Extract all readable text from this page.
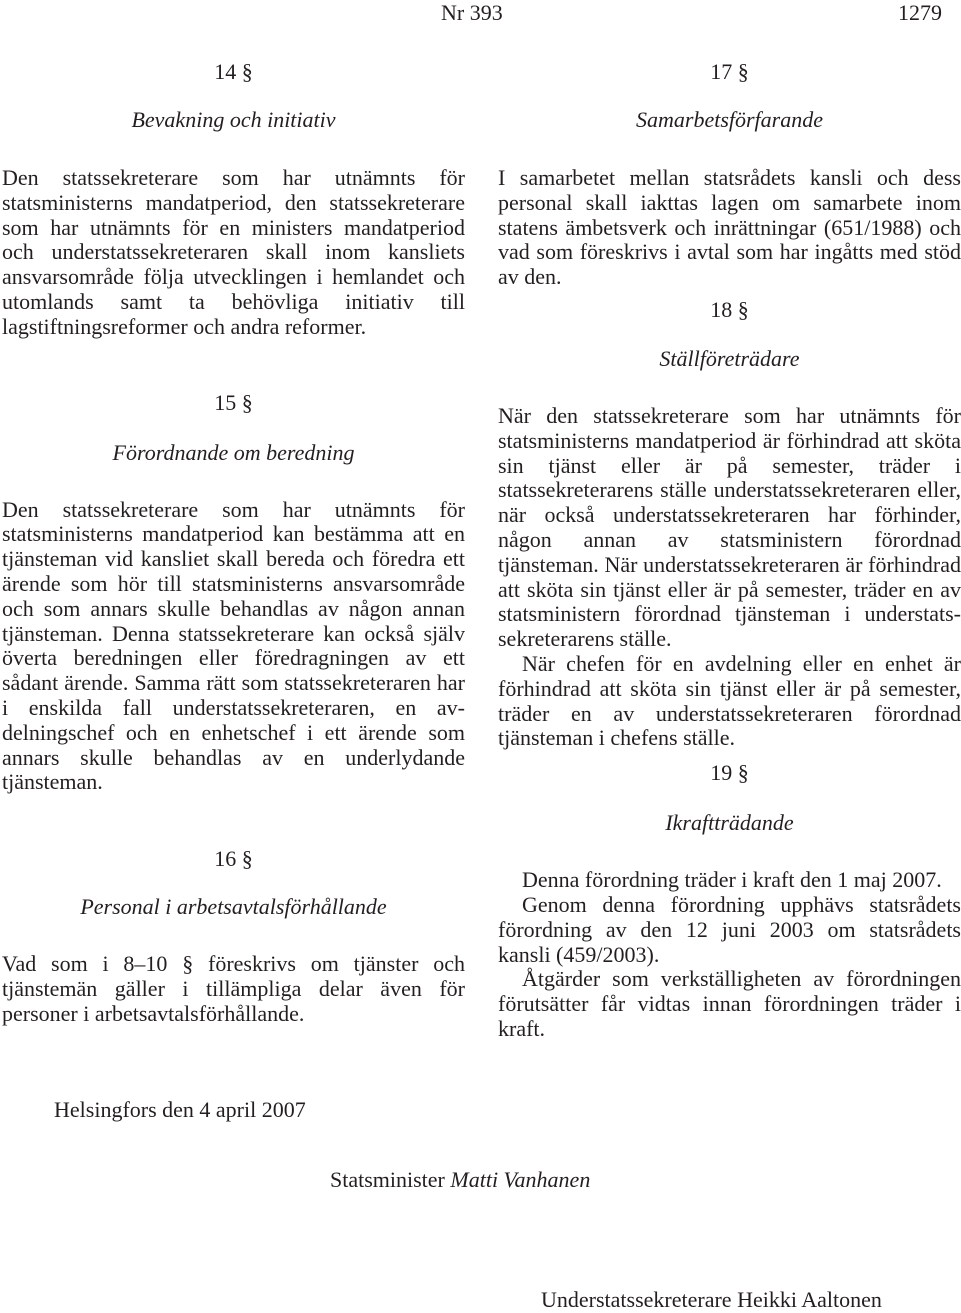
Nr 393	1279

14 §

Bevakning och initiativ

Den statssekreterare som har utnämnts för statsministerns mandatperiod, den statssekreterare som har utnämnts för en ministers mandatperiod och understatssekreteraren skall inom kansliets ansvarsområde följa utvecklingen i hemlandet och utomlands samt ta behövliga initiativ till lagstiftningsreformer och andra reformer.

15 §

Förordnande om beredning

Den statssekreterare som har utnämnts för statsministerns mandatperiod kan bestämma att en tjänsteman vid kansliet skall bereda och föredra ett ärende som hör till statsministerns ansvarsområde och som annars skulle behandlas av någon annan tjänsteman. Denna statssekreterare kan också själv överta beredningen eller föredragningen av ett sådant ärende. Samma rätt som statssekreteraren har i enskilda fall understatssekreteraren, en avdelningschef och en enhetschef i ett ärende som annars skulle behandlas av en underlydande tjänsteman.

16 §

Personal i arbetsavtalsförhållande

Vad som i 8–10 § föreskrivs om tjänster och tjänstemän gäller i tillämpliga delar även för personer i arbetsavtalsförhållande.

17 §

Samarbetsförfarande

I samarbetet mellan statsrådets kansli och dess personal skall iakttas lagen om samarbete inom statens ämbetsverk och inrättningar (651/1988) och vad som föreskrivs i avtal som har ingåtts med stöd av den.

18 §

Ställföreträdare

När den statssekreterare som har utnämnts för statsministerns mandatperiod är förhindrad att sköta sin tjänst eller är på semester, träder i statssekreterarens ställe understatssekreteraren eller, när också understatssekreteraren har förhinder, någon annan av statsministern förordnad tjänsteman. När understatssekreteraren är förhindrad att sköta sin tjänst eller är på semester, träder en av statsministern förordnad tjänsteman i understatssekreterarens ställe.

När chefen för en avdelning eller en enhet är förhindrad att sköta sin tjänst eller är på semester, träder en av understatssekreteraren förordnad tjänsteman i chefens ställe.

19 §

Ikraftträdande

Denna förordning träder i kraft den 1 maj 2007.

Genom denna förordning upphävs statsrådets förordning av den 12 juni 2003 om statsrådets kansli (459/2003).

Åtgärder som verkställigheten av förordningen förutsätter får vidtas innan förordningen träder i kraft.

Helsingfors den 4 april 2007
Statsminister Matti Vanhanen
Understatssekreterare Heikki Aaltonen
